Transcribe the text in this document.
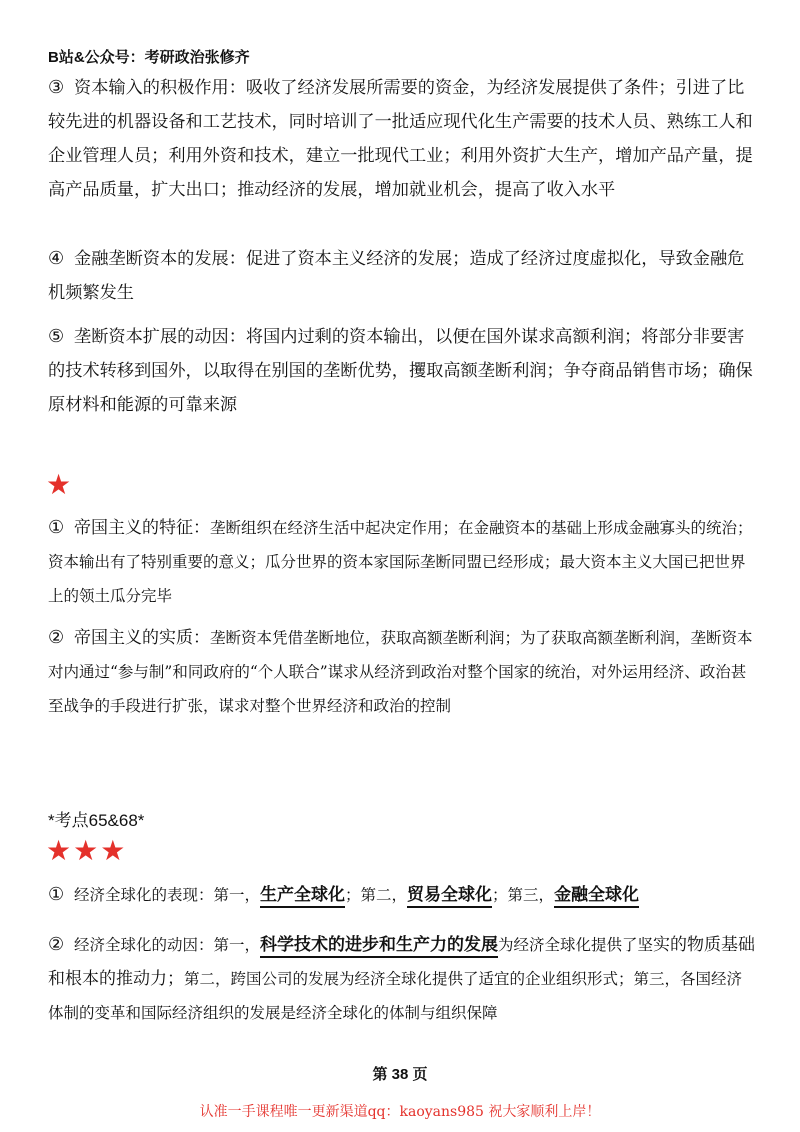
B站&公众号：考研政治张修齐
③ 资本输入的积极作用：吸收了经济发展所需要的资金，为经济发展提供了条件；引进了比较先进的机器设备和工艺技术，同时培训了一批适应现代化生产需要的技术人员、熟练工人和企业管理人员；利用外资和技术，建立一批现代工业；利用外资扩大生产，增加产品产量，提高产品质量，扩大出口；推动经济的发展，增加就业机会，提高了收入水平
④ 金融垄断资本的发展：促进了资本主义经济的发展；造成了经济过度虚拟化，导致金融危机频繁发生
⑤ 垄断资本扩展的动因：将国内过剩的资本输出，以便在国外谋求高额利润；将部分非要害的技术转移到国外，以取得在别国的垄断优势，攫取高额垄断利润；争夺商品销售市场；确保原材料和能源的可靠来源
★
① 帝国主义的特征：垄断组织在经济生活中起决定作用；在金融资本的基础上形成金融寡头的统治；资本输出有了特别重要的意义；瓜分世界的资本家国际垄断同盟已经形成；最大资本主义大国已把世界上的领土瓜分完毕
② 帝国主义的实质：垄断资本凭借垄断地位，获取高额垄断利润；为了获取高额垄断利润，垄断资本对内通过“参与制”和同政府的“个人联合”谋求从经济到政治对整个国家的统治，对外运用经济、政治甚至战争的手段进行扩张，谋求对整个世界经济和政治的控制
*考点65&68*
★★★
① 经济全球化的表现：第一，生产全球化；第二，贸易全球化；第三，金融全球化
② 经济全球化的动因：第一，科学技术的进步和生产力的发展为经济全球化提供了坚实的物质基础和根本的推动力；第二，跨国公司的发展为经济全球化提供了适宜的企业组织形式；第三，各国经济体制的变革和国际经济组织的发展是经济全球化的体制与组织保障
第 38 页
认准一手课程唯一更新渠道qq：kaoyans985 祝大家顺利上岸！
